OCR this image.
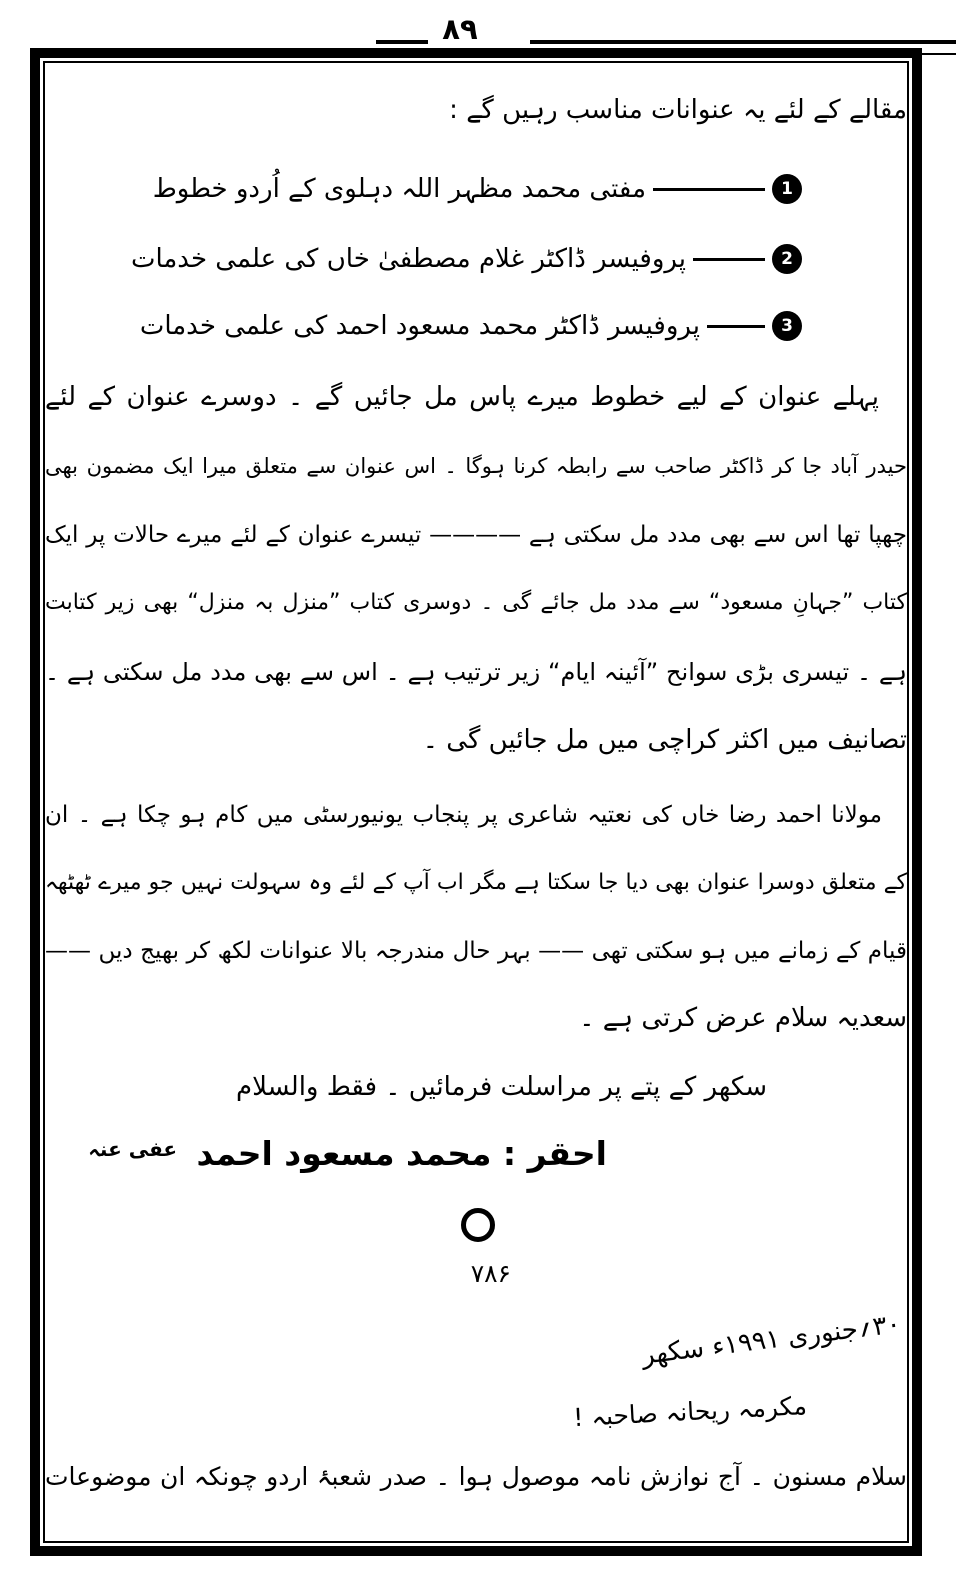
۸۹
مقالے کے لئے یہ عنوانات مناسب رہیں گے :
1
مفتی محمد مظہر اللہ دہلوی کے اُردو خطوط
2
پروفیسر ڈاکٹر غلام مصطفیٰ خاں کی علمی خدمات
3
پروفیسر ڈاکٹر محمد مسعود احمد کی علمی خدمات
پہلے عنوان کے لیے خطوط میرے پاس مل جائیں گے ۔ دوسرے عنوان کے لئے
حیدر آباد جا کر ڈاکٹر صاحب سے رابطہ کرنا ہوگا ۔ اس عنوان سے متعلق میرا ایک مضمون بھی
چھپا تھا اس سے بھی مدد مل سکتی ہے ———— تیسرے عنوان کے لئے میرے حالات پر ایک
کتاب ”جہانِ مسعود“ سے مدد مل جائے گی ۔ دوسری کتاب ”منزل بہ منزل“ بھی زیر کتابت
ہے ۔ تیسری بڑی سوانح ”آئینہ ایام“ زیر ترتیب ہے ۔ اس سے بھی مدد مل سکتی ہے ۔
تصانیف میں اکثر کراچی میں مل جائیں گی ۔
مولانا احمد رضا خاں کی نعتیہ شاعری پر پنجاب یونیورسٹی میں کام ہو چکا ہے ۔ ان
کے متعلق دوسرا عنوان بھی دیا جا سکتا ہے مگر اب آپ کے لئے وہ سہولت نہیں جو میرے ٹھٹھہ
قیام کے زمانے میں ہو سکتی تھی —— بہر حال مندرجہ بالا عنوانات لکھ کر بھیج دیں ——
سعدیہ سلام عرض کرتی ہے ۔
سکھر کے پتے پر مراسلت فرمائیں ۔ فقط والسلام
احقر : محمد مسعود احمد $^{عفی عنہ}$
۷۸۶
۳۰؍جنوری ۱۹۹۱ء سکھر
مکرمہ ریحانہ صاحبہ !
سلام مسنون ۔ آج نوازش نامہ موصول ہوا ۔ صدر شعبۂ اردو چونکہ ان موضوعات
